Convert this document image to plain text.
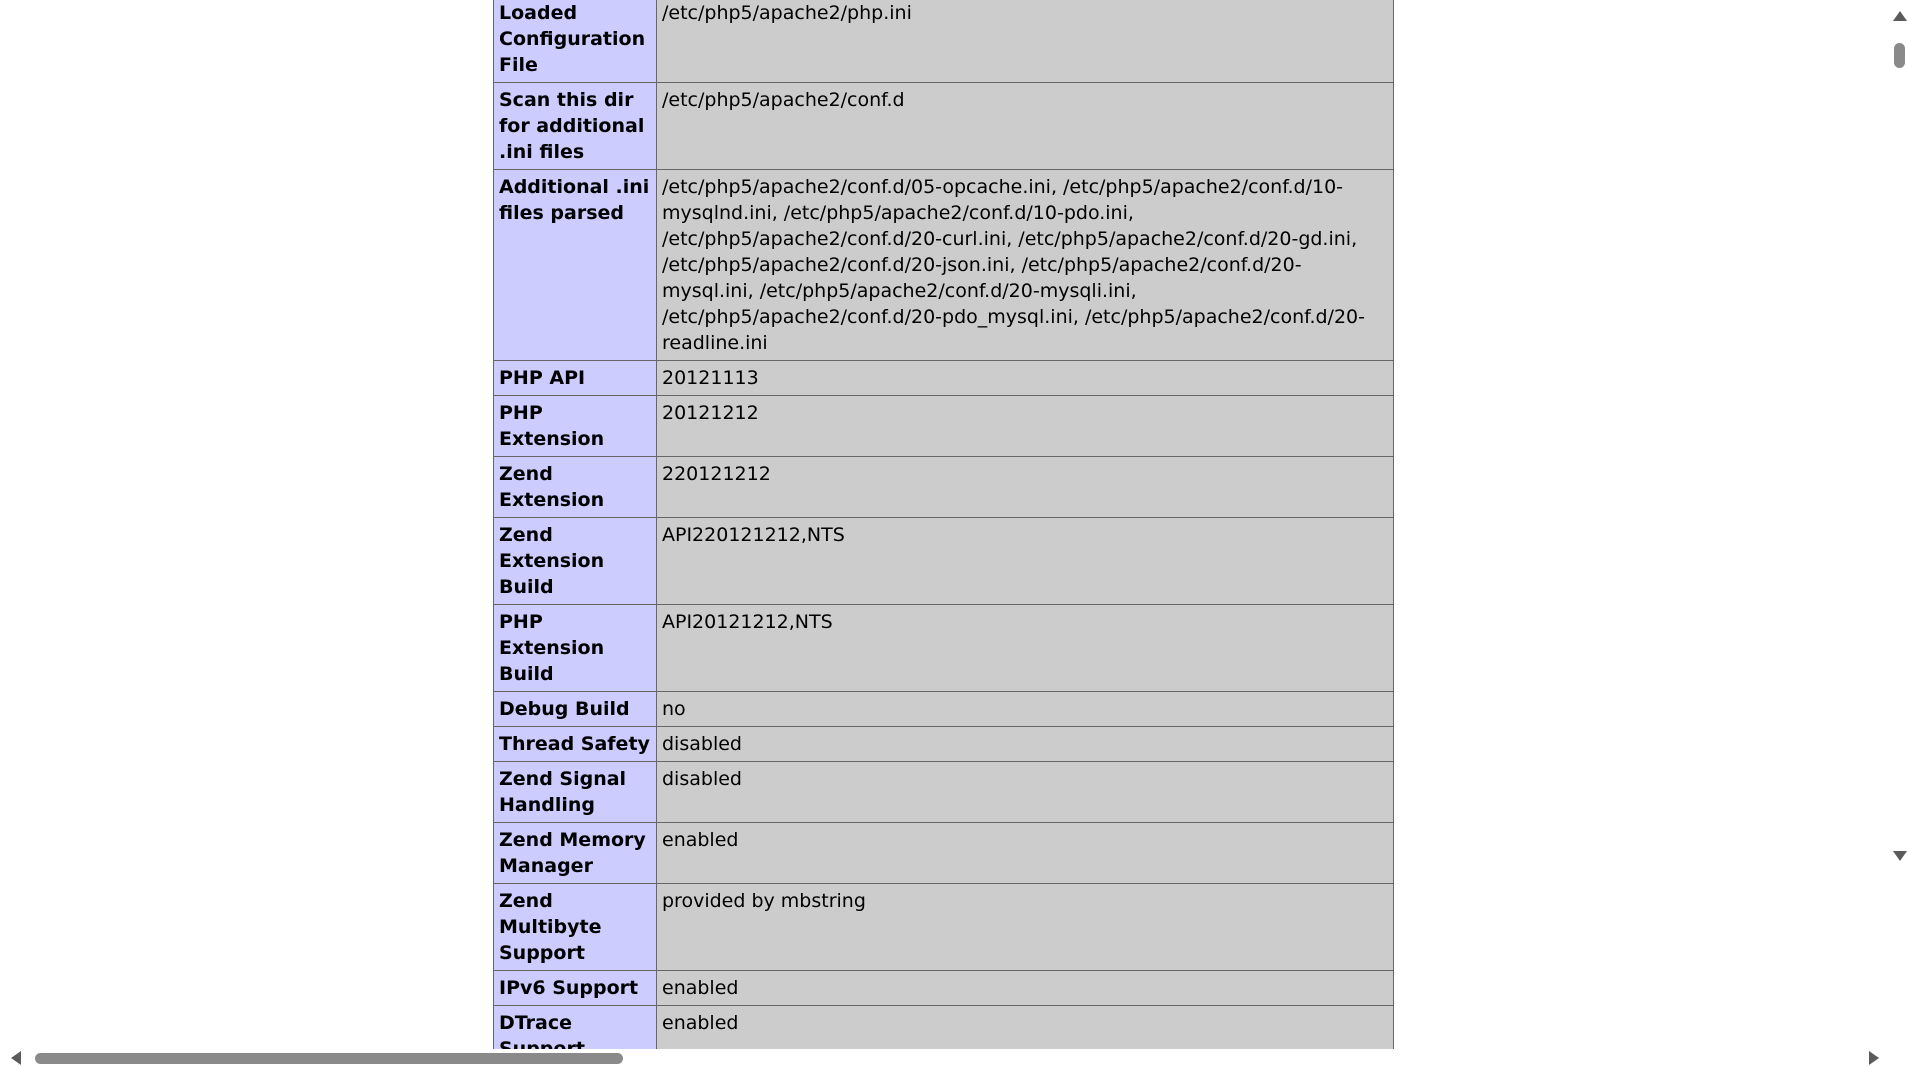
Loaded Configuration File	/etc/php5/apache2/php.ini
Scan this dir for additional .ini files	/etc/php5/apache2/conf.d
Additional .ini files parsed	/etc/php5/apache2/conf.d/05-opcache.ini, /etc/php5/apache2/conf.d/10-mysqlnd.ini, /etc/php5/apache2/conf.d/10-pdo.ini, /etc/php5/apache2/conf.d/20-curl.ini, /etc/php5/apache2/conf.d/20-gd.ini, /etc/php5/apache2/conf.d/20-json.ini, /etc/php5/apache2/conf.d/20-mysql.ini, /etc/php5/apache2/conf.d/20-mysqli.ini, /etc/php5/apache2/conf.d/20-pdo_mysql.ini, /etc/php5/apache2/conf.d/20-readline.ini
PHP API	20121113
PHP Extension	20121212
Zend Extension	220121212
Zend Extension Build	API220121212,NTS
PHP Extension Build	API20121212,NTS
Debug Build	no
Thread Safety	disabled
Zend Signal Handling	disabled
Zend Memory Manager	enabled
Zend Multibyte Support	provided by mbstring
IPv6 Support	enabled
DTrace	enabled
